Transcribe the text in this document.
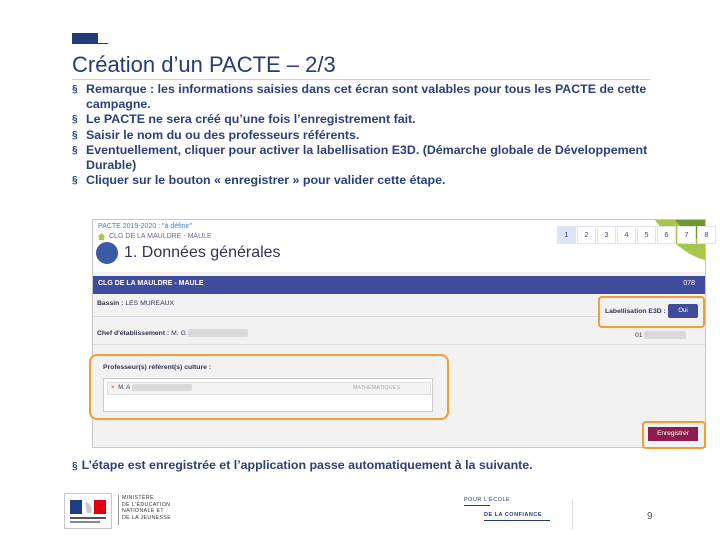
Création d’un PACTE – 2/3
§ Remarque : les informations saisies dans cet écran sont valables pour tous les PACTE de cette campagne.
§ Le PACTE ne sera créé qu’une fois l’enregistrement fait.
§ Saisir le nom du ou des professeurs référents.
§ Eventuellement, cliquer pour activer la labellisation E3D. (Démarche globale de Développement Durable)
§ Cliquer sur le bouton « enregistrer » pour valider cette étape.
PACTE 2019-2020 : "à définir"
CLG DE LA MAULDRE - MAULE	1	2	3	4	5	6	7	8
1. Données générales
CLG DE LA MAULDRE - MAULE	078
Bassin : LES MUREAUX
Labellisation E3D :	Oui
Chef d'établissement : M. G	01
Professeur(s) référent(s) culture :
× M. A	MATHEMATIQUES
Enregistrer
§ L’étape est enregistrée et l’application passe automatiquement à la suivante.
MINISTÈRE
DE L'ÉDUCATION
NATIONALE ET
DE LA JEUNESSE
POUR L'ÉCOLE
DE LA CONFIANCE	9
